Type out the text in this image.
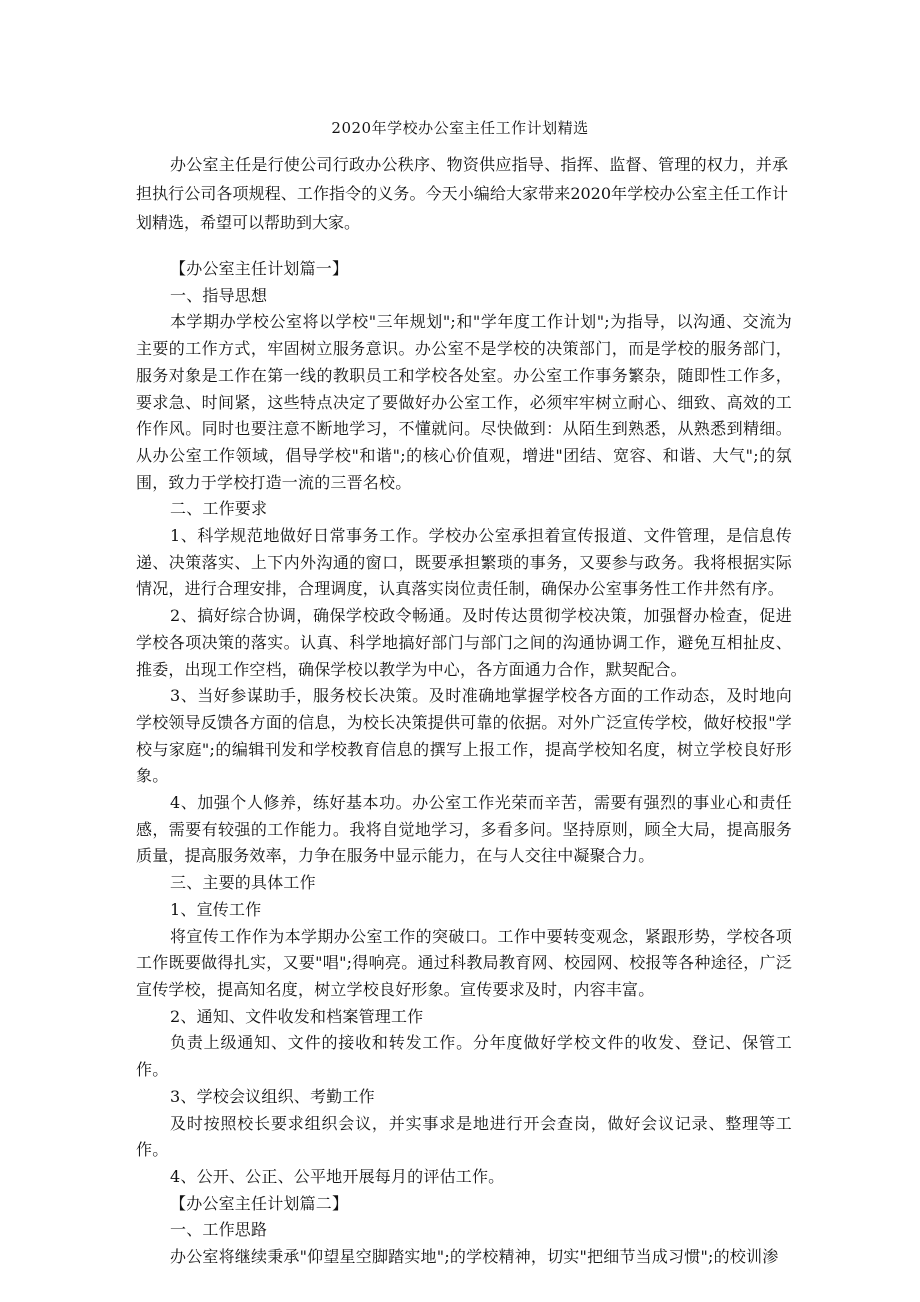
2020年学校办公室主任工作计划精选

办公室主任是行使公司行政办公秩序、物资供应指导、指挥、监督、管理的权力，并承担执行公司各项规程、工作指令的义务。今天小编给大家带来2020年学校办公室主任工作计划精选，希望可以帮助到大家。

【办公室主任计划篇一】

一、指导思想

本学期办学校公室将以学校"三年规划";和"学年度工作计划";为指导，以沟通、交流为主要的工作方式，牢固树立服务意识。办公室不是学校的决策部门，而是学校的服务部门，服务对象是工作在第一线的教职员工和学校各处室。办公室工作事务繁杂，随即性工作多，要求急、时间紧，这些特点决定了要做好办公室工作，必须牢牢树立耐心、细致、高效的工作作风。同时也要注意不断地学习，不懂就问。尽快做到：从陌生到熟悉，从熟悉到精细。从办公室工作领域，倡导学校"和谐";的核心价值观，增进"团结、宽容、和谐、大气";的氛围，致力于学校打造一流的三晋名校。

二、工作要求

1、科学规范地做好日常事务工作。学校办公室承担着宣传报道、文件管理，是信息传递、决策落实、上下内外沟通的窗口，既要承担繁琐的事务，又要参与政务。我将根据实际情况，进行合理安排，合理调度，认真落实岗位责任制，确保办公室事务性工作井然有序。

2、搞好综合协调，确保学校政令畅通。及时传达贯彻学校决策，加强督办检查，促进学校各项决策的落实。认真、科学地搞好部门与部门之间的沟通协调工作，避免互相扯皮、推委，出现工作空档，确保学校以教学为中心，各方面通力合作，默契配合。

3、当好参谋助手，服务校长决策。及时准确地掌握学校各方面的工作动态，及时地向学校领导反馈各方面的信息，为校长决策提供可靠的依据。对外广泛宣传学校，做好校报"学校与家庭";的编辑刊发和学校教育信息的撰写上报工作，提高学校知名度，树立学校良好形象。

4、加强个人修养，练好基本功。办公室工作光荣而辛苦，需要有强烈的事业心和责任感，需要有较强的工作能力。我将自觉地学习，多看多问。坚持原则，顾全大局，提高服务质量，提高服务效率，力争在服务中显示能力，在与人交往中凝聚合力。

三、主要的具体工作

1、宣传工作

将宣传工作作为本学期办公室工作的突破口。工作中要转变观念，紧跟形势，学校各项工作既要做得扎实，又要"唱";得响亮。通过科教局教育网、校园网、校报等各种途径，广泛宣传学校，提高知名度，树立学校良好形象。宣传要求及时，内容丰富。

2、通知、文件收发和档案管理工作

负责上级通知、文件的接收和转发工作。分年度做好学校文件的收发、登记、保管工作。

3、学校会议组织、考勤工作

及时按照校长要求组织会议，并实事求是地进行开会查岗，做好会议记录、整理等工作。

4、公开、公正、公平地开展每月的评估工作。

【办公室主任计划篇二】

一、工作思路

办公室将继续秉承"仰望星空脚踏实地";的学校精神，切实"把细节当成习惯";的校训渗
